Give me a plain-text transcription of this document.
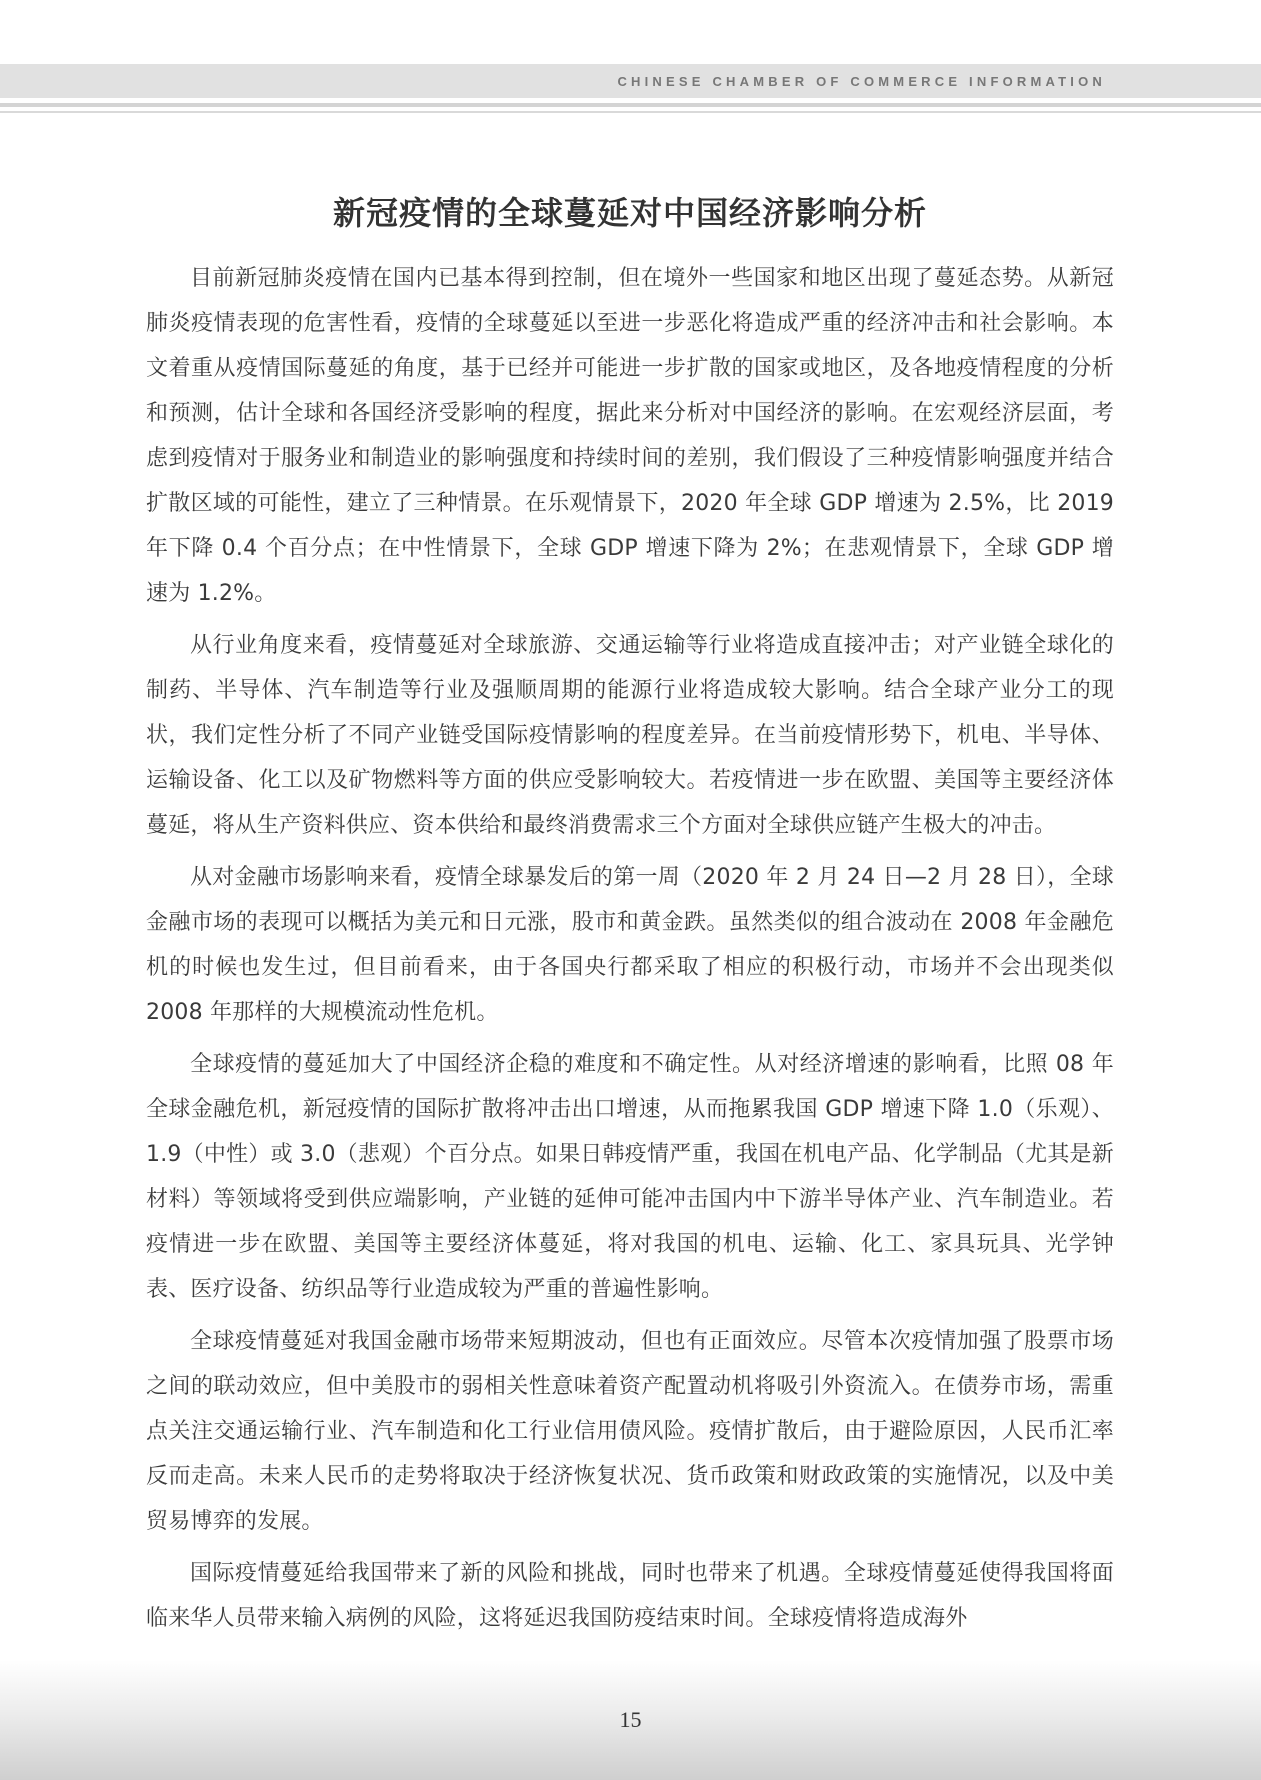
CHINESE CHAMBER OF COMMERCE INFORMATION
新冠疫情的全球蔓延对中国经济影响分析

目前新冠肺炎疫情在国内已基本得到控制，但在境外一些国家和地区出现了蔓延态势。从新冠肺炎疫情表现的危害性看，疫情的全球蔓延以至进一步恶化将造成严重的经济冲击和社会影响。本文着重从疫情国际蔓延的角度，基于已经并可能进一步扩散的国家或地区，及各地疫情程度的分析和预测，估计全球和各国经济受影响的程度，据此来分析对中国经济的影响。在宏观经济层面，考虑到疫情对于服务业和制造业的影响强度和持续时间的差别，我们假设了三种疫情影响强度并结合扩散区域的可能性，建立了三种情景。在乐观情景下，2020 年全球 GDP 增速为 2.5%，比 2019 年下降 0.4 个百分点；在中性情景下，全球 GDP 增速下降为 2%；在悲观情景下，全球 GDP 增速为 1.2%。

从行业角度来看，疫情蔓延对全球旅游、交通运输等行业将造成直接冲击；对产业链全球化的制药、半导体、汽车制造等行业及强顺周期的能源行业将造成较大影响。结合全球产业分工的现状，我们定性分析了不同产业链受国际疫情影响的程度差异。在当前疫情形势下，机电、半导体、运输设备、化工以及矿物燃料等方面的供应受影响较大。若疫情进一步在欧盟、美国等主要经济体蔓延，将从生产资料供应、资本供给和最终消费需求三个方面对全球供应链产生极大的冲击。

从对金融市场影响来看，疫情全球暴发后的第一周（2020 年 2 月 24 日—2 月 28 日），全球金融市场的表现可以概括为美元和日元涨，股市和黄金跌。虽然类似的组合波动在 2008 年金融危机的时候也发生过，但目前看来，由于各国央行都采取了相应的积极行动，市场并不会出现类似 2008 年那样的大规模流动性危机。

全球疫情的蔓延加大了中国经济企稳的难度和不确定性。从对经济增速的影响看，比照 08 年全球金融危机，新冠疫情的国际扩散将冲击出口增速，从而拖累我国 GDP 增速下降 1.0（乐观）、1.9（中性）或 3.0（悲观）个百分点。如果日韩疫情严重，我国在机电产品、化学制品（尤其是新材料）等领域将受到供应端影响，产业链的延伸可能冲击国内中下游半导体产业、汽车制造业。若疫情进一步在欧盟、美国等主要经济体蔓延，将对我国的机电、运输、化工、家具玩具、光学钟表、医疗设备、纺织品等行业造成较为严重的普遍性影响。

全球疫情蔓延对我国金融市场带来短期波动，但也有正面效应。尽管本次疫情加强了股票市场之间的联动效应，但中美股市的弱相关性意味着资产配置动机将吸引外资流入。在债券市场，需重点关注交通运输行业、汽车制造和化工行业信用债风险。疫情扩散后，由于避险原因，人民币汇率反而走高。未来人民币的走势将取决于经济恢复状况、货币政策和财政政策的实施情况，以及中美贸易博弈的发展。

国际疫情蔓延给我国带来了新的风险和挑战，同时也带来了机遇。全球疫情蔓延使得我国将面临来华人员带来输入病例的风险，这将延迟我国防疫结束时间。全球疫情将造成海外

15
